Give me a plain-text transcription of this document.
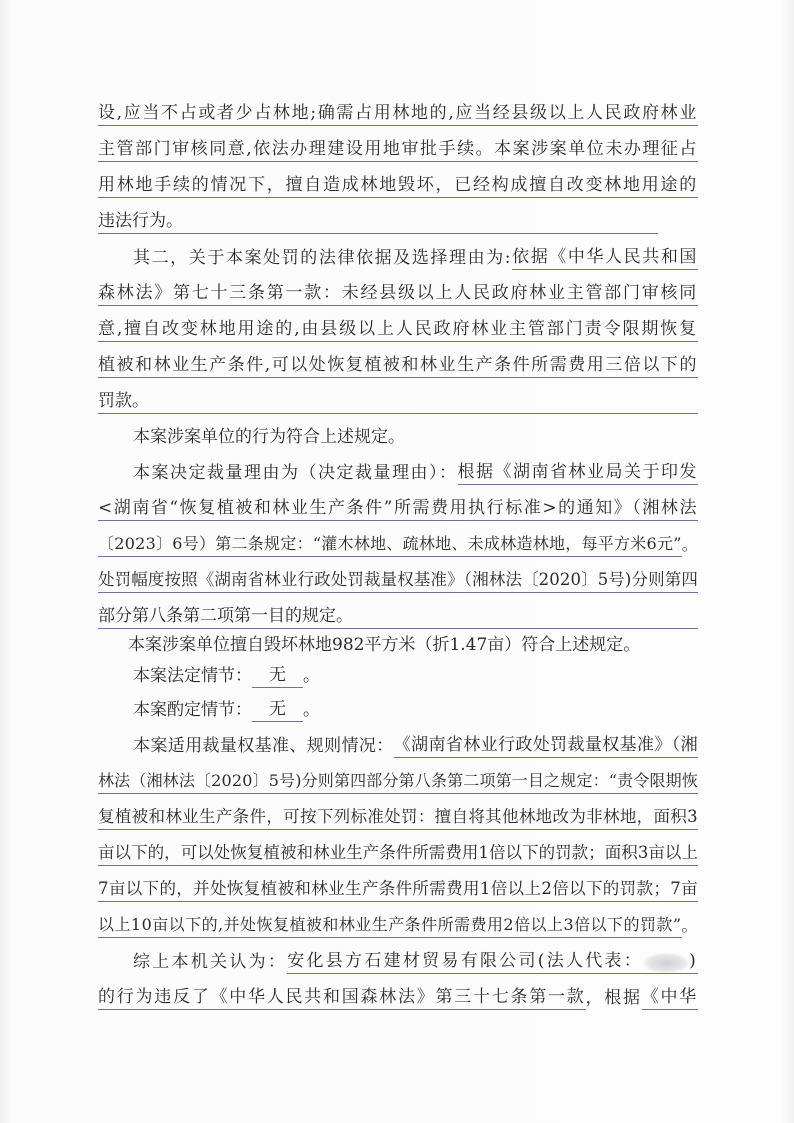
设,应当不占或者少占林地;确需占用林地的,应当经县级以上人民政府林业
主管部门审核同意,依法办理建设用地审批手续。本案涉案单位未办理征占
用林地手续的情况下，擅自造成林地毁坏，已经构成擅自改变林地用途的
违法行为。
其二，关于本案处罚的法律依据及选择理由为: 依据《中华人民共和国
森林法》第七十三条第一款：未经县级以上人民政府林业主管部门审核同
意,擅自改变林地用途的,由县级以上人民政府林业主管部门责令限期恢复
植被和林业生产条件,可以处恢复植被和林业生产条件所需费用三倍以下的
罚款。
本案涉案单位的行为符合上述规定。
本案决定裁量理由为（决定裁量理由）： 根据《湖南省林业局关于印发
<湖南省“恢复植被和林业生产条件”所需费用执行标准>的通知》（湘林法
〔2023〕6号）第二条规定：“灌木林地、疏林地、未成林造林地，每平方米6元” 。
处罚幅度按照《湖南省林业行政处罚裁量权基准》（湘林法〔2020〕5号)分则第四
部分第八条第二项第一目的规定。
本案涉案单位擅自毁坏林地982平方米（折1.47亩）符合上述规定。
本案法定情节： 　无　 。
本案酌定情节： 　无　 。
本案适用裁量权基准、规则情况： 《湖南省林业行政处罚裁量权基准》（湘
林法（湘林法〔2020〕5号)分则第四部分第八条第二项第一目之规定：“责令限期恢
复植被和林业生产条件，可按下列标准处罚：擅自将其他林地改为非林地，面积3
亩以下的，可以处恢复植被和林业生产条件所需费用1倍以下的罚款；面积3亩以上
7亩以下的，并处恢复植被和林业生产条件所需费用1倍以上2倍以下的罚款；7亩
以上10亩以下的,并处恢复植被和林业生产条件所需费用2倍以上3倍以下的罚款” 。
综上本机关认为： 安化县方石建材贸易有限公司(法人代表：	)
的行为违反了《中华人民共和国森林法》第三十七条第一款 ，根据 《中华
